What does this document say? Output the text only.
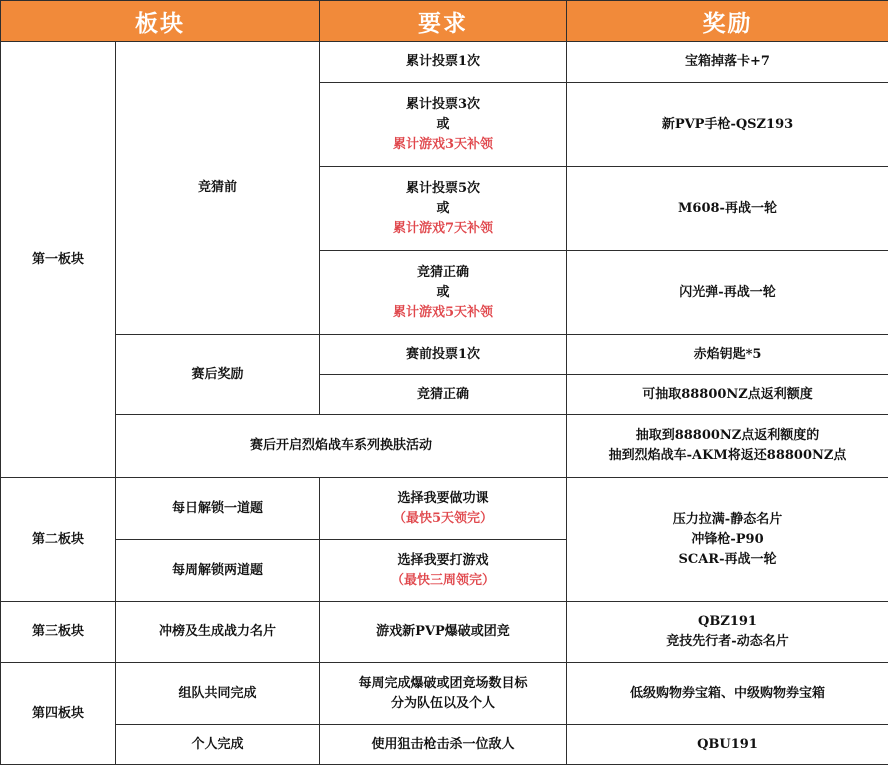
板块		要求	奖励
第一板块	竞猜前	累计投票1次	宝箱掉落卡+7

		累计投票3次
或
累计游戏3天补领	新PVP手枪-QSZ193

		累计投票5次
或
累计游戏7天补领	M608-再战一轮

		竞猜正确
或
累计游戏5天补领	闪光弹-再战一轮

	赛后奖励	赛前投票1次	赤焰钥匙*5

		竞猜正确	可抽取88800NZ点返利额度

	赛后开启烈焰战车系列换肤活动		抽取到88800NZ点返利额度的
抽到烈焰战车-AKM将返还88800NZ点

第二板块	每日解锁一道题	选择我要做功课
（最快5天领完）	压力拉满-静态名片
冲锋枪-P90
SCAR-再战一轮

	每周解锁两道题	选择我要打游戏
（最快三周领完）	

第三板块	冲榜及生成战力名片	游戏新PVP爆破或团竞	QBZ191
竞技先行者-动态名片

第四板块	组队共同完成	每周完成爆破或团竞场数目标
分为队伍以及个人	低级购物券宝箱、中级购物券宝箱

	个人完成	使用狙击枪击杀一位敌人	QBU191
